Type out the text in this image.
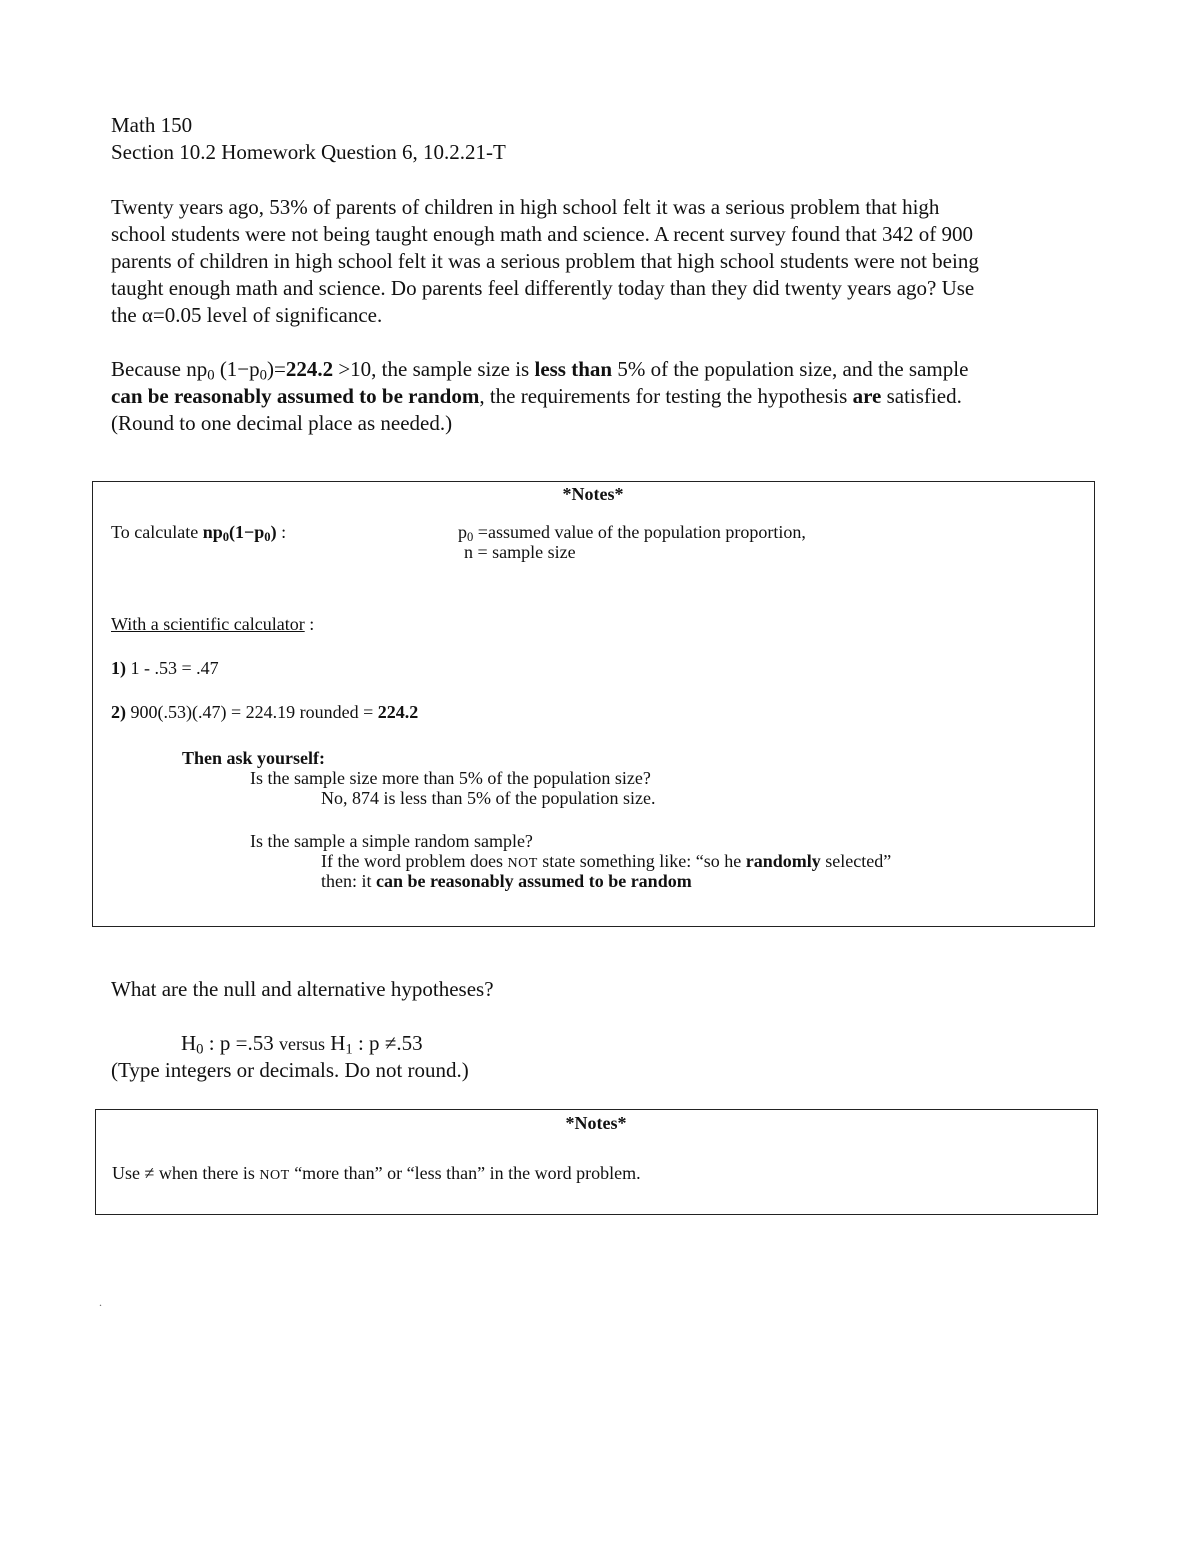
Math 150
Section 10.2 Homework Question 6, 10.2.21-T
Twenty years ago, 53% of parents of children in high school felt it was a serious problem that high
school students were not being taught enough math and science. A recent survey found that 342 of 900
parents of children in high school felt it was a serious problem that high school students were not being
taught enough math and science. Do parents feel differently today than they did twenty years ago? Use
the α=0.05 level of significance.
Because $np_0$ $(1-p_0)=224.2 >10$, the sample size is less than 5% of the population size, and the sample
can be reasonably assumed to be random, the requirements for testing the hypothesis are satisfied.
(Round to one decimal place as needed.)
*Notes*
To calculate $np_0(1-p_0)$ :	$p_0$ =assumed value of the population proportion,
n = sample size
With a scientific calculator :
1) 1 - .53 = .47
2) 900(.53)(.47) = 224.19 rounded = 224.2
Then ask yourself:
Is the sample size more than 5% of the population size?
No, 874 is less than 5% of the population size.
Is the sample a simple random sample?
If the word problem does NOT state something like: “so he randomly selected”
then: it can be reasonably assumed to be random
What are the null and alternative hypotheses?
$H_0$ : p =.53 versus $H_1$ : p ≠.53
(Type integers or decimals. Do not round.)
*Notes*
Use ≠ when there is NOT “more than” or “less than” in the word problem.
.
